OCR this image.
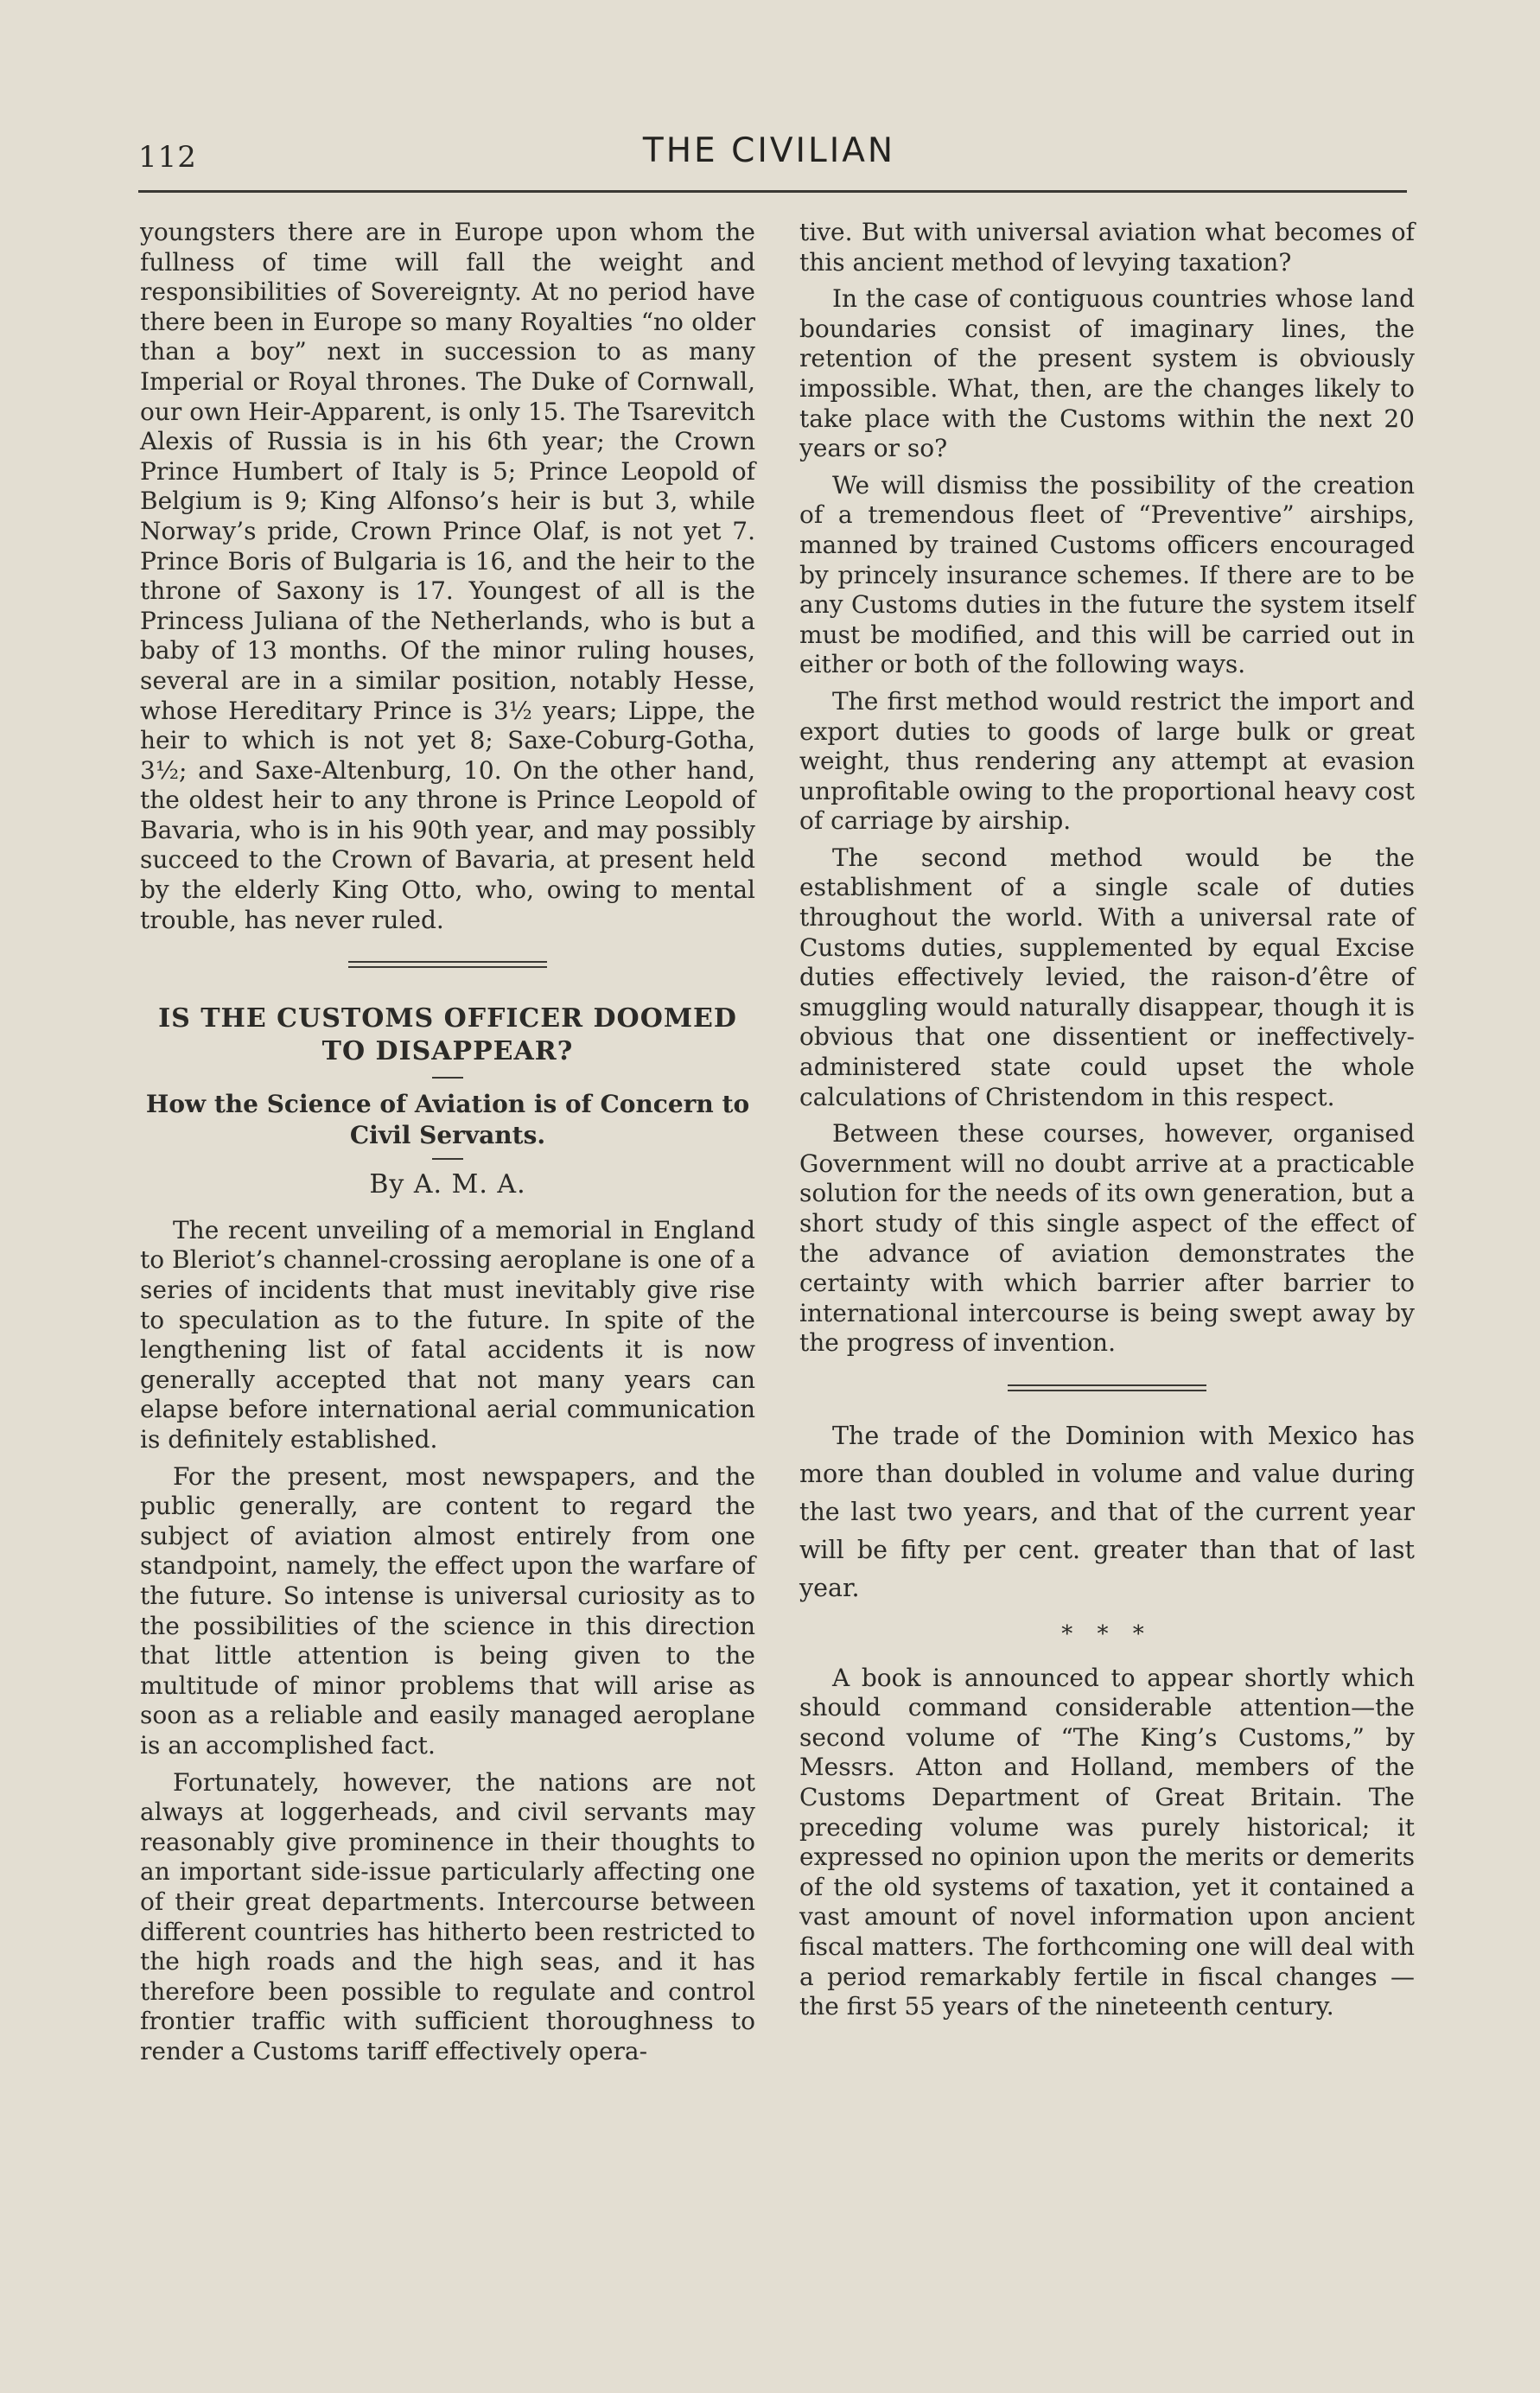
112	THE CIVILIAN

youngsters there are in Europe upon whom the fullness of time will fall the weight and responsibilities of Sovereignty. At no period have there been in Europe so many Royalties “no older than a boy” next in succession to as many Imperial or Royal thrones. The Duke of Cornwall, our own Heir-Apparent, is only 15. The Tsarevitch Alexis of Russia is in his 6th year; the Crown Prince Humbert of Italy is 5; Prince Leopold of Belgium is 9; King Alfonso’s heir is but 3, while Norway’s pride, Crown Prince Olaf, is not yet 7. Prince Boris of Bulgaria is 16, and the heir to the throne of Saxony is 17. Youngest of all is the Princess Juliana of the Netherlands, who is but a baby of 13 months. Of the minor ruling houses, several are in a similar position, notably Hesse, whose Hereditary Prince is 3½ years; Lippe, the heir to which is not yet 8; Saxe-Coburg-Gotha, 3½; and Saxe-Altenburg, 10. On the other hand, the oldest heir to any throne is Prince Leopold of Bavaria, who is in his 90th year, and may possibly succeed to the Crown of Bavaria, at present held by the elderly King Otto, who, owing to mental trouble, has never ruled.

IS THE CUSTOMS OFFICER DOOMED TO DISAPPEAR?
How the Science of Aviation is of Concern to Civil Servants.
By A. M. A.

The recent unveiling of a memorial in England to Bleriot’s channel-crossing aeroplane is one of a series of incidents that must inevitably give rise to speculation as to the future. In spite of the lengthening list of fatal accidents it is now generally accepted that not many years can elapse before international aerial communication is definitely established.

For the present, most newspapers, and the public generally, are content to regard the subject of aviation almost entirely from one standpoint, namely, the effect upon the warfare of the future. So intense is universal curiosity as to the possibilities of the science in this direction that little attention is being given to the multitude of minor problems that will arise as soon as a reliable and easily managed aeroplane is an accomplished fact.

Fortunately, however, the nations are not always at loggerheads, and civil servants may reasonably give prominence in their thoughts to an important side-issue particularly affecting one of their great departments. Intercourse between different countries has hitherto been restricted to the high roads and the high seas, and it has therefore been possible to regulate and control frontier traffic with sufficient thoroughness to render a Customs tariff effectively opera-

tive. But with universal aviation what becomes of this ancient method of levying taxation?

In the case of contiguous countries whose land boundaries consist of imaginary lines, the retention of the present system is obviously impossible. What, then, are the changes likely to take place with the Customs within the next 20 years or so?

We will dismiss the possibility of the creation of a tremendous fleet of “Preventive” airships, manned by trained Customs officers encouraged by princely insurance schemes. If there are to be any Customs duties in the future the system itself must be modified, and this will be carried out in either or both of the following ways.

The first method would restrict the import and export duties to goods of large bulk or great weight, thus rendering any attempt at evasion unprofitable owing to the proportional heavy cost of carriage by airship.

The second method would be the establishment of a single scale of duties throughout the world. With a universal rate of Customs duties, supplemented by equal Excise duties effectively levied, the raison-d’être of smuggling would naturally disappear, though it is obvious that one dissentient or ineffectively-administered state could upset the whole calculations of Christendom in this respect.

Between these courses, however, organised Government will no doubt arrive at a practicable solution for the needs of its own generation, but a short study of this single aspect of the effect of the advance of aviation demonstrates the certainty with which barrier after barrier to international intercourse is being swept away by the progress of invention.

The trade of the Dominion with Mexico has more than doubled in volume and value during the last two years, and that of the current year will be fifty per cent. greater than that of last year.

* * *

A book is announced to appear shortly which should command considerable attention—the second volume of “The King’s Customs,” by Messrs. Atton and Holland, members of the Customs Department of Great Britain. The preceding volume was purely historical; it expressed no opinion upon the merits or demerits of the old systems of taxation, yet it contained a vast amount of novel information upon ancient fiscal matters. The forthcoming one will deal with a period remarkably fertile in fiscal changes — the first 55 years of the nineteenth century.
